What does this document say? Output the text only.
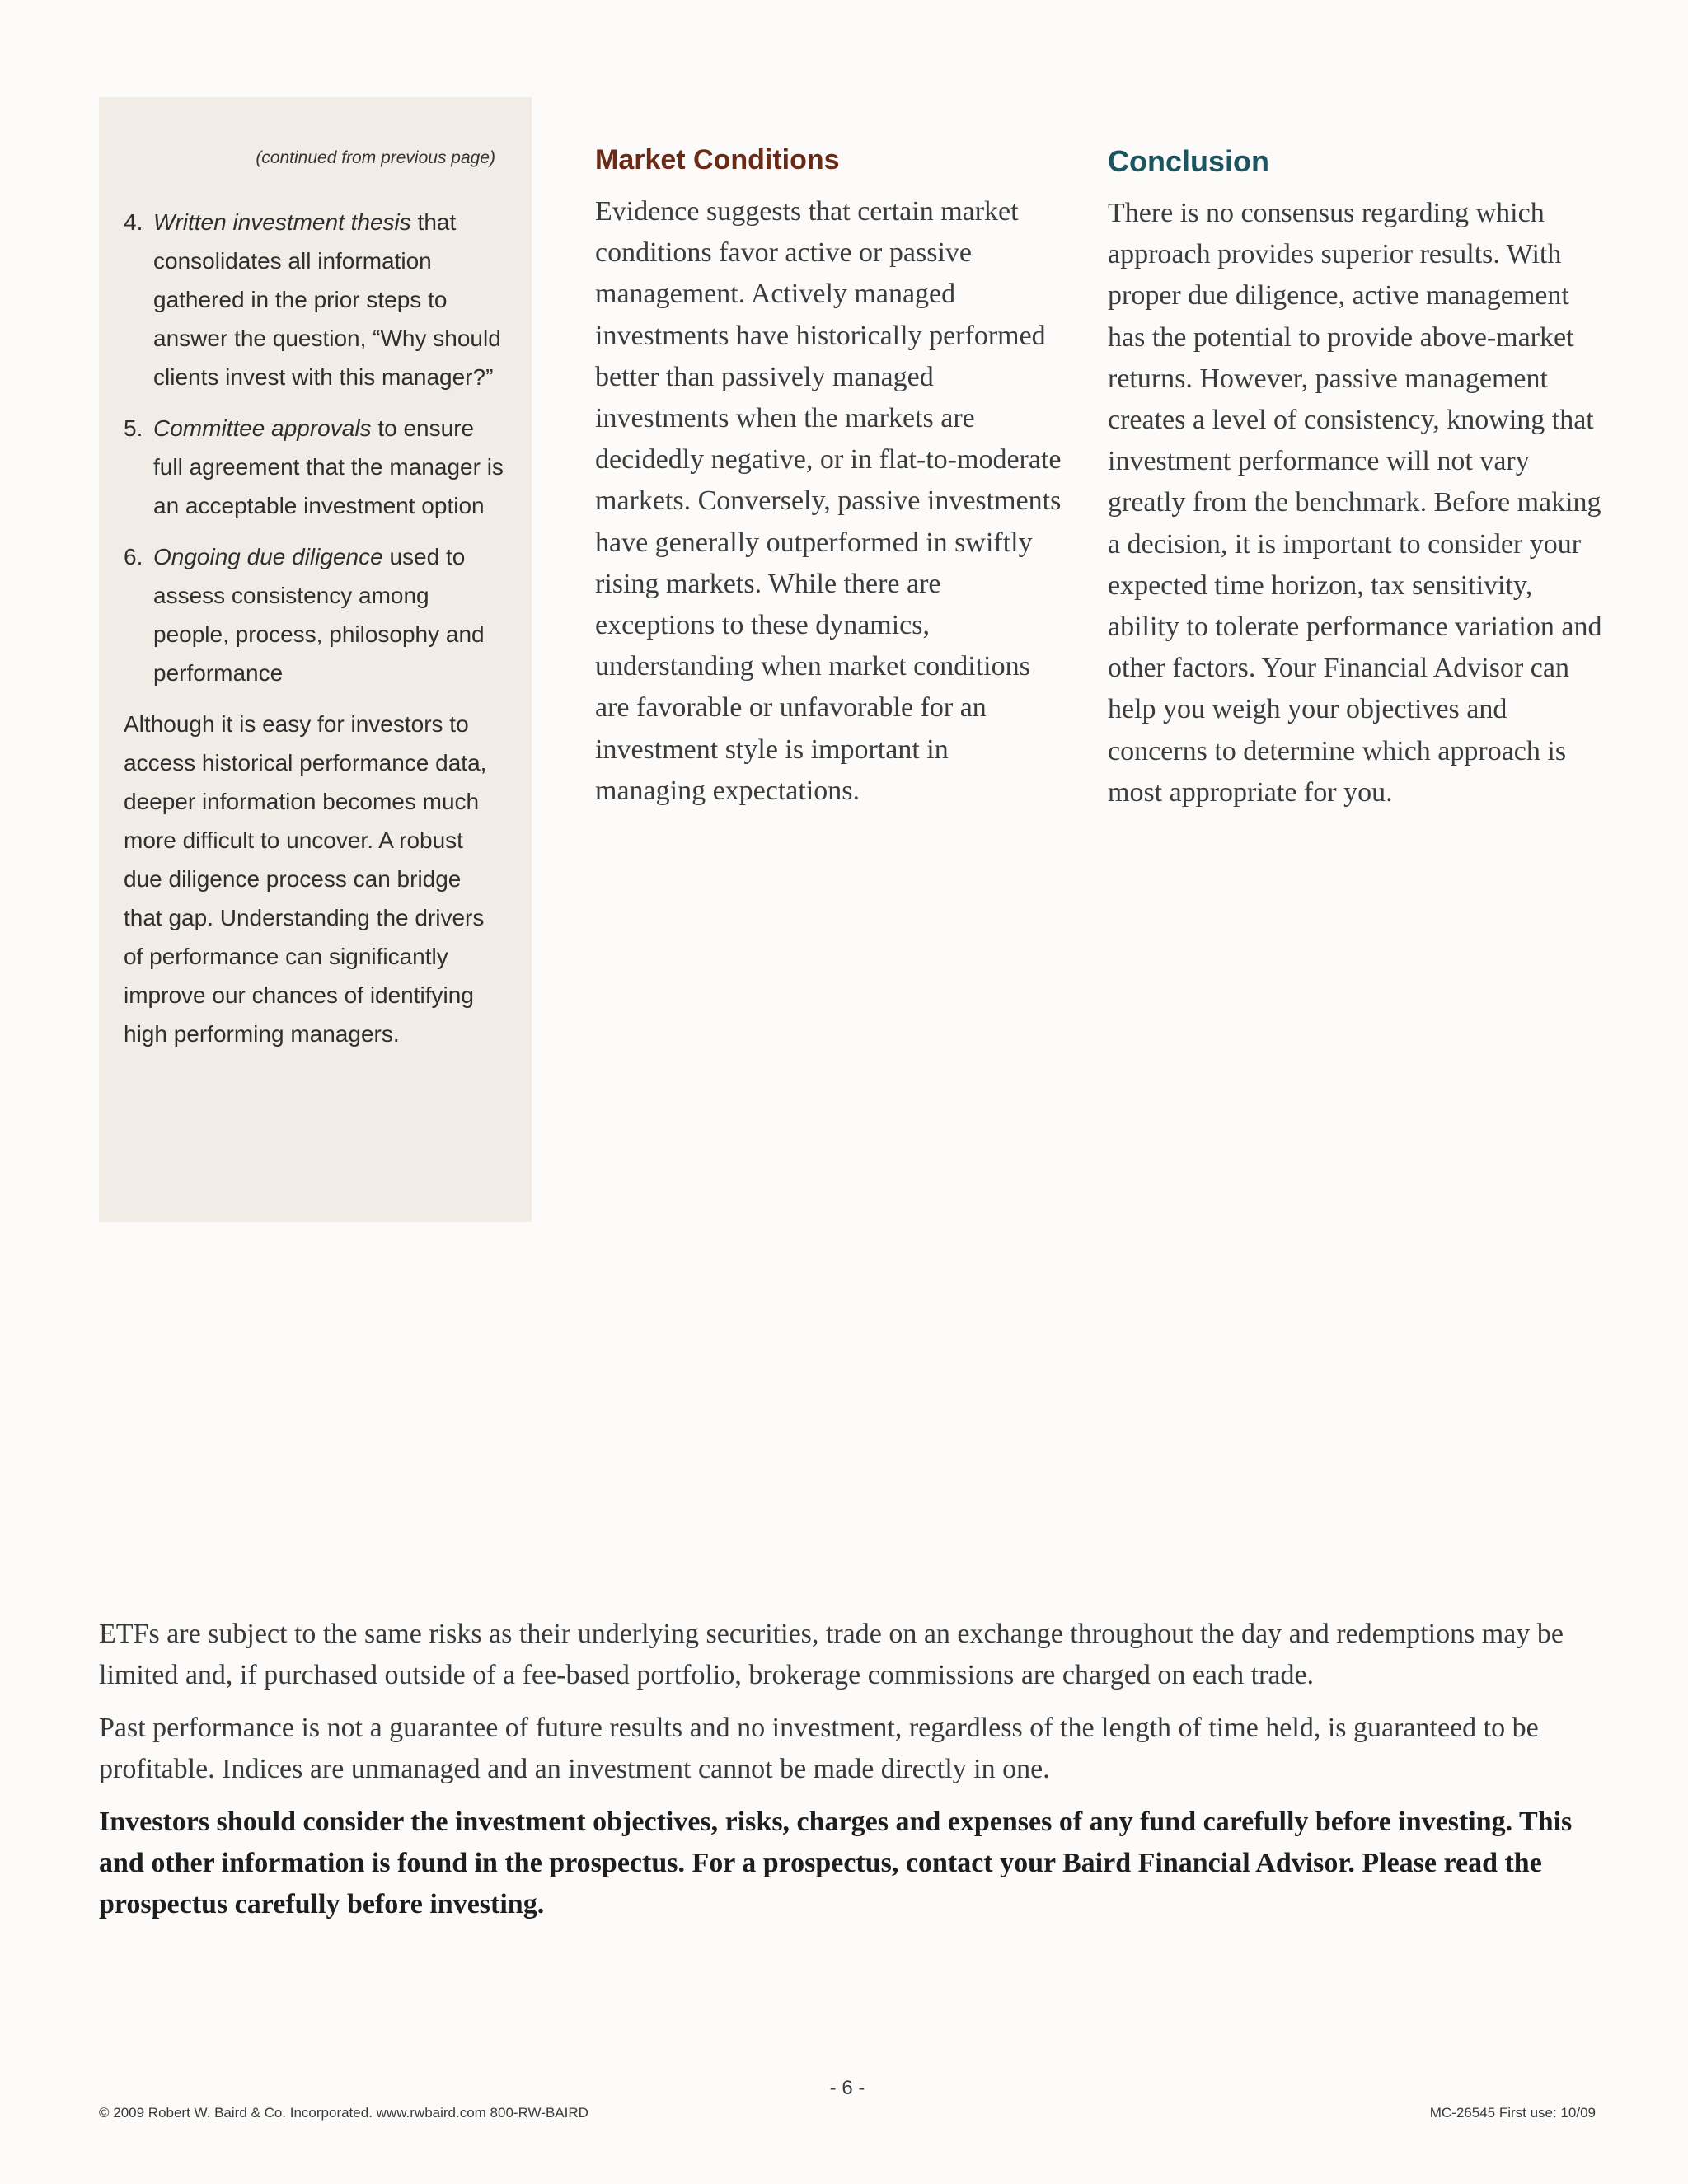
(continued from previous page)
4. Written investment thesis that consolidates all information gathered in the prior steps to answer the question, “Why should clients invest with this manager?”
5. Committee approvals to ensure full agreement that the manager is an acceptable investment option
6. Ongoing due diligence used to assess consistency among people, process, philosophy and performance

Although it is easy for investors to access historical performance data, deeper information becomes much more difficult to uncover. A robust due diligence process can bridge that gap. Understanding the drivers of performance can significantly improve our chances of identifying high performing managers.

Market Conditions

Evidence suggests that certain market conditions favor active or passive management. Actively managed investments have historically performed better than passively managed investments when the markets are decidedly negative, or in flat-to-moderate markets. Conversely, passive investments have generally outperformed in swiftly rising markets. While there are exceptions to these dynamics, understanding when market conditions are favorable or unfavorable for an investment style is important in managing expectations.

Conclusion

There is no consensus regarding which approach provides superior results. With proper due diligence, active management has the potential to provide above-market returns. However, passive management creates a level of consistency, knowing that investment performance will not vary greatly from the benchmark. Before making a decision, it is important to consider your expected time horizon, tax sensitivity, ability to tolerate performance variation and other factors. Your Financial Advisor can help you weigh your objectives and concerns to determine which approach is most appropriate for you.

ETFs are subject to the same risks as their underlying securities, trade on an exchange throughout the day and redemptions may be limited and, if purchased outside of a fee-based portfolio, brokerage commissions are charged on each trade.

Past performance is not a guarantee of future results and no investment, regardless of the length of time held, is guaranteed to be profitable. Indices are unmanaged and an investment cannot be made directly in one.

Investors should consider the investment objectives, risks, charges and expenses of any fund carefully before investing. This and other information is found in the prospectus. For a prospectus, contact your Baird Financial Advisor. Please read the prospectus carefully before investing.

- 6 -
© 2009 Robert W. Baird & Co. Incorporated. www.rwbaird.com 800-RW-BAIRD	MC-26545 First use: 10/09
